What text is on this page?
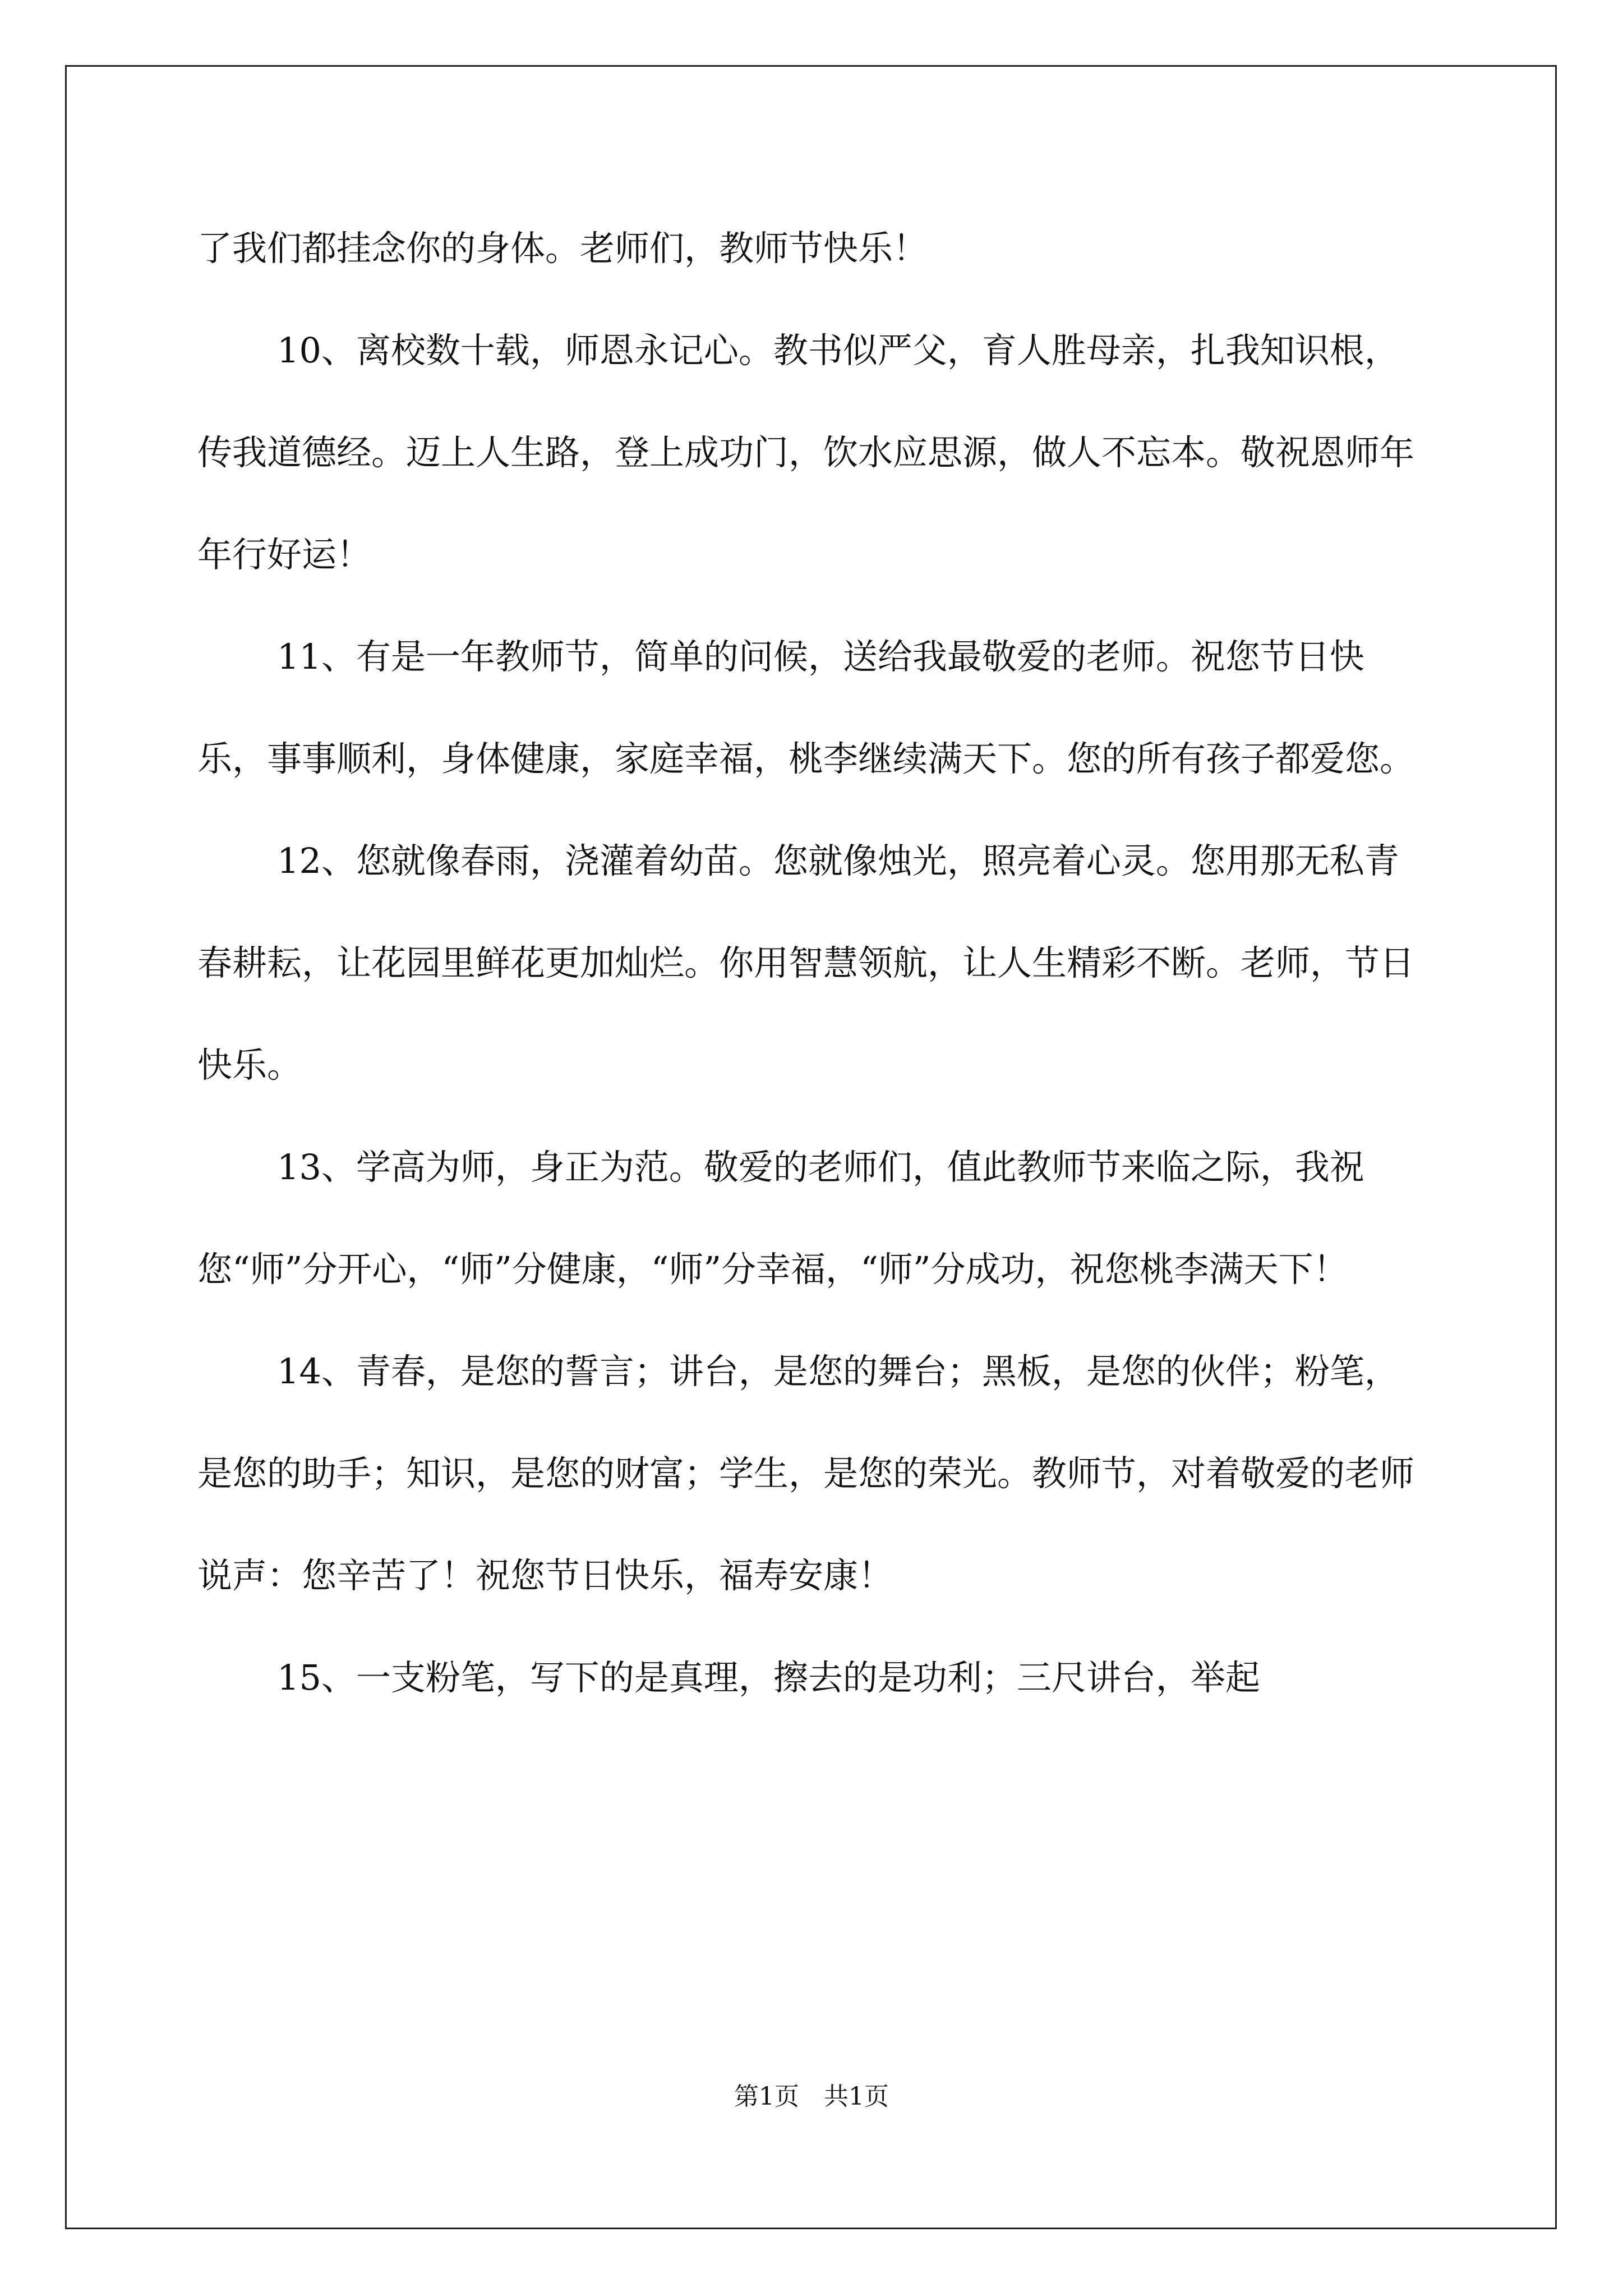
了我们都挂念你的身体。老师们，教师节快乐！

10、离校数十载，师恩永记心。教书似严父，育人胜母亲，扎我知识根，传我道德经。迈上人生路，登上成功门，饮水应思源，做人不忘本。敬祝恩师年年行好运！

11、有是一年教师节，简单的问候，送给我最敬爱的老师。祝您节日快乐，事事顺利，身体健康，家庭幸福，桃李继续满天下。您的所有孩子都爱您。

12、您就像春雨，浇灌着幼苗。您就像烛光，照亮着心灵。您用那无私青春耕耘，让花园里鲜花更加灿烂。你用智慧领航，让人生精彩不断。老师，节日快乐。

13、学高为师，身正为范。敬爱的老师们，值此教师节来临之际，我祝您“师”分开心，“师”分健康，“师”分幸福，“师”分成功，祝您桃李满天下！

14、青春，是您的誓言；讲台，是您的舞台；黑板，是您的伙伴；粉笔，是您的助手；知识，是您的财富；学生，是您的荣光。教师节，对着敬爱的老师说声：您辛苦了！祝您节日快乐，福寿安康！

15、一支粉笔，写下的是真理，擦去的是功利；三尺讲台，举起

第1页 共1页
